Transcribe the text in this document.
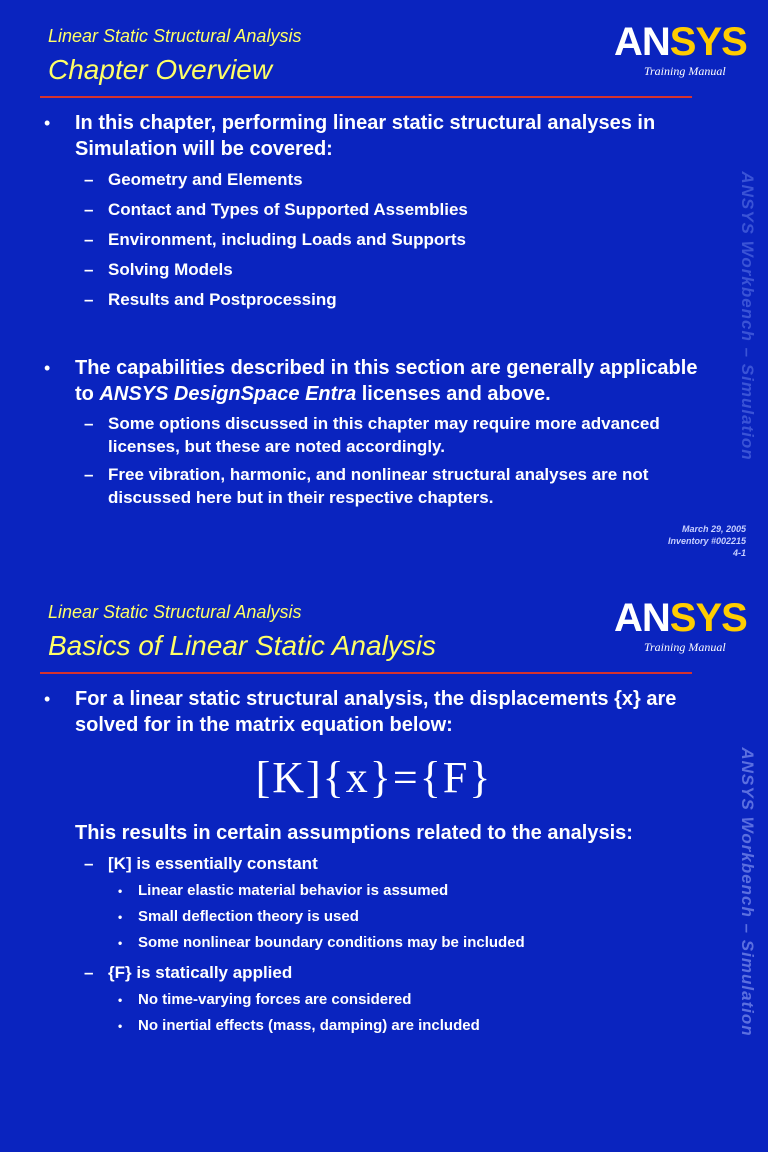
Linear Static Structural Analysis
Chapter Overview
ANSYS
Training Manual
ANSYS Workbench – Simulation
• In this chapter, performing linear static structural analyses in Simulation will be covered:
– Geometry and Elements
– Contact and Types of Supported Assemblies
– Environment, including Loads and Supports
– Solving Models
– Results and Postprocessing
• The capabilities described in this section are generally applicable to ANSYS DesignSpace Entra licenses and above.
– Some options discussed in this chapter may require more advanced licenses, but these are noted accordingly.
– Free vibration, harmonic, and nonlinear structural analyses are not discussed here but in their respective chapters.
March 29, 2005
Inventory #002215
4-1
Linear Static Structural Analysis
Basics of Linear Static Analysis
ANSYS
Training Manual
ANSYS Workbench – Simulation
• For a linear static structural analysis, the displacements {x} are solved for in the matrix equation below:
[K]{x}={F}
This results in certain assumptions related to the analysis:
– [K] is essentially constant
• Linear elastic material behavior is assumed
• Small deflection theory is used
• Some nonlinear boundary conditions may be included
– {F} is statically applied
• No time-varying forces are considered
• No inertial effects (mass, damping) are included
